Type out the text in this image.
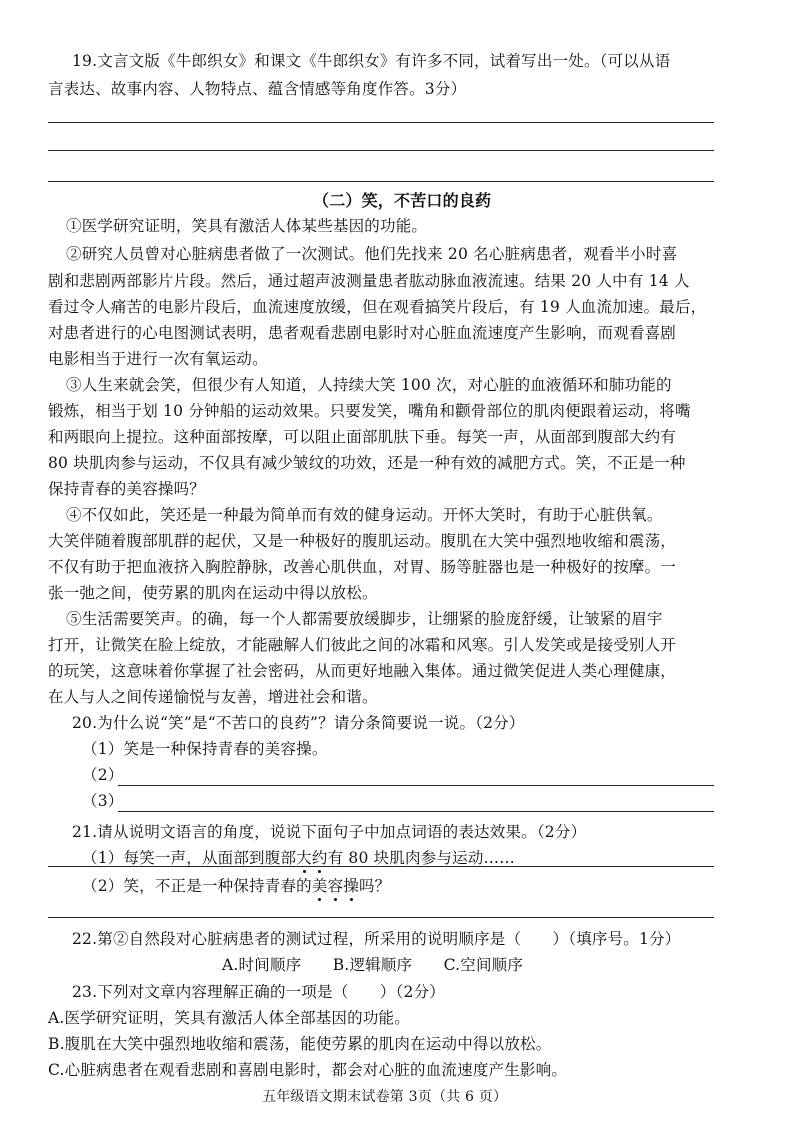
19.文言文版《牛郎织女》和课文《牛郎织女》有许多不同，试着写出一处。（可以从语
言表达、故事内容、人物特点、蕴含情感等角度作答。3分）
（二）笑，不苦口的良药
①医学研究证明，笑具有激活人体某些基因的功能。
②研究人员曾对心脏病患者做了一次测试。他们先找来 20 名心脏病患者，观看半小时喜
剧和悲剧两部影片片段。然后，通过超声波测量患者肱动脉血液流速。结果 20 人中有 14 人
看过令人痛苦的电影片段后，血流速度放缓，但在观看搞笑片段后，有 19 人血流加速。最后，
对患者进行的心电图测试表明，患者观看悲剧电影时对心脏血流速度产生影响，而观看喜剧
电影相当于进行一次有氧运动。
③人生来就会笑，但很少有人知道，人持续大笑 100 次，对心脏的血液循环和肺功能的
锻炼，相当于划 10 分钟船的运动效果。只要发笑，嘴角和颧骨部位的肌肉便跟着运动，将嘴
和两眼向上提拉。这种面部按摩，可以阻止面部肌肤下垂。每笑一声，从面部到腹部大约有
80 块肌肉参与运动，不仅具有减少皱纹的功效，还是一种有效的减肥方式。笑，不正是一种
保持青春的美容操吗？
④不仅如此，笑还是一种最为简单而有效的健身运动。开怀大笑时，有助于心脏供氧。
大笑伴随着腹部肌群的起伏，又是一种极好的腹肌运动。腹肌在大笑中强烈地收缩和震荡，
不仅有助于把血液挤入胸腔静脉，改善心肌供血，对胃、肠等脏器也是一种极好的按摩。一
张一弛之间，使劳累的肌肉在运动中得以放松。
⑤生活需要笑声。的确，每一个人都需要放缓脚步，让绷紧的脸庞舒缓，让皱紧的眉宇
打开，让微笑在脸上绽放，才能融解人们彼此之间的冰霜和风寒。引人发笑或是接受别人开
的玩笑，这意味着你掌握了社会密码，从而更好地融入集体。通过微笑促进人类心理健康，
在人与人之间传递愉悦与友善，增进社会和谐。
20.为什么说“笑”是“不苦口的良药”？请分条简要说一说。（2分）
（1）笑是一种保持青春的美容操。
（2）
（3）
21.请从说明文语言的角度，说说下面句子中加点词语的表达效果。（2分）
（1）每笑一声，从面部到腹部大约有 80 块肌肉参与运动……
（2）笑，不正是一种保持青春的美容操吗？
22.第②自然段对心脏病患者的测试过程，所采用的说明顺序是（　　）（填序号。1分）
A.时间顺序　　B.逻辑顺序　　C.空间顺序
23.下列对文章内容理解正确的一项是（　　）（2分）
A.医学研究证明，笑具有激活人体全部基因的功能。
B.腹肌在大笑中强烈地收缩和震荡，能使劳累的肌肉在运动中得以放松。
C.心脏病患者在观看悲剧和喜剧电影时，都会对心脏的血流速度产生影响。
五年级语文期末试卷第 3页（共 6 页）
